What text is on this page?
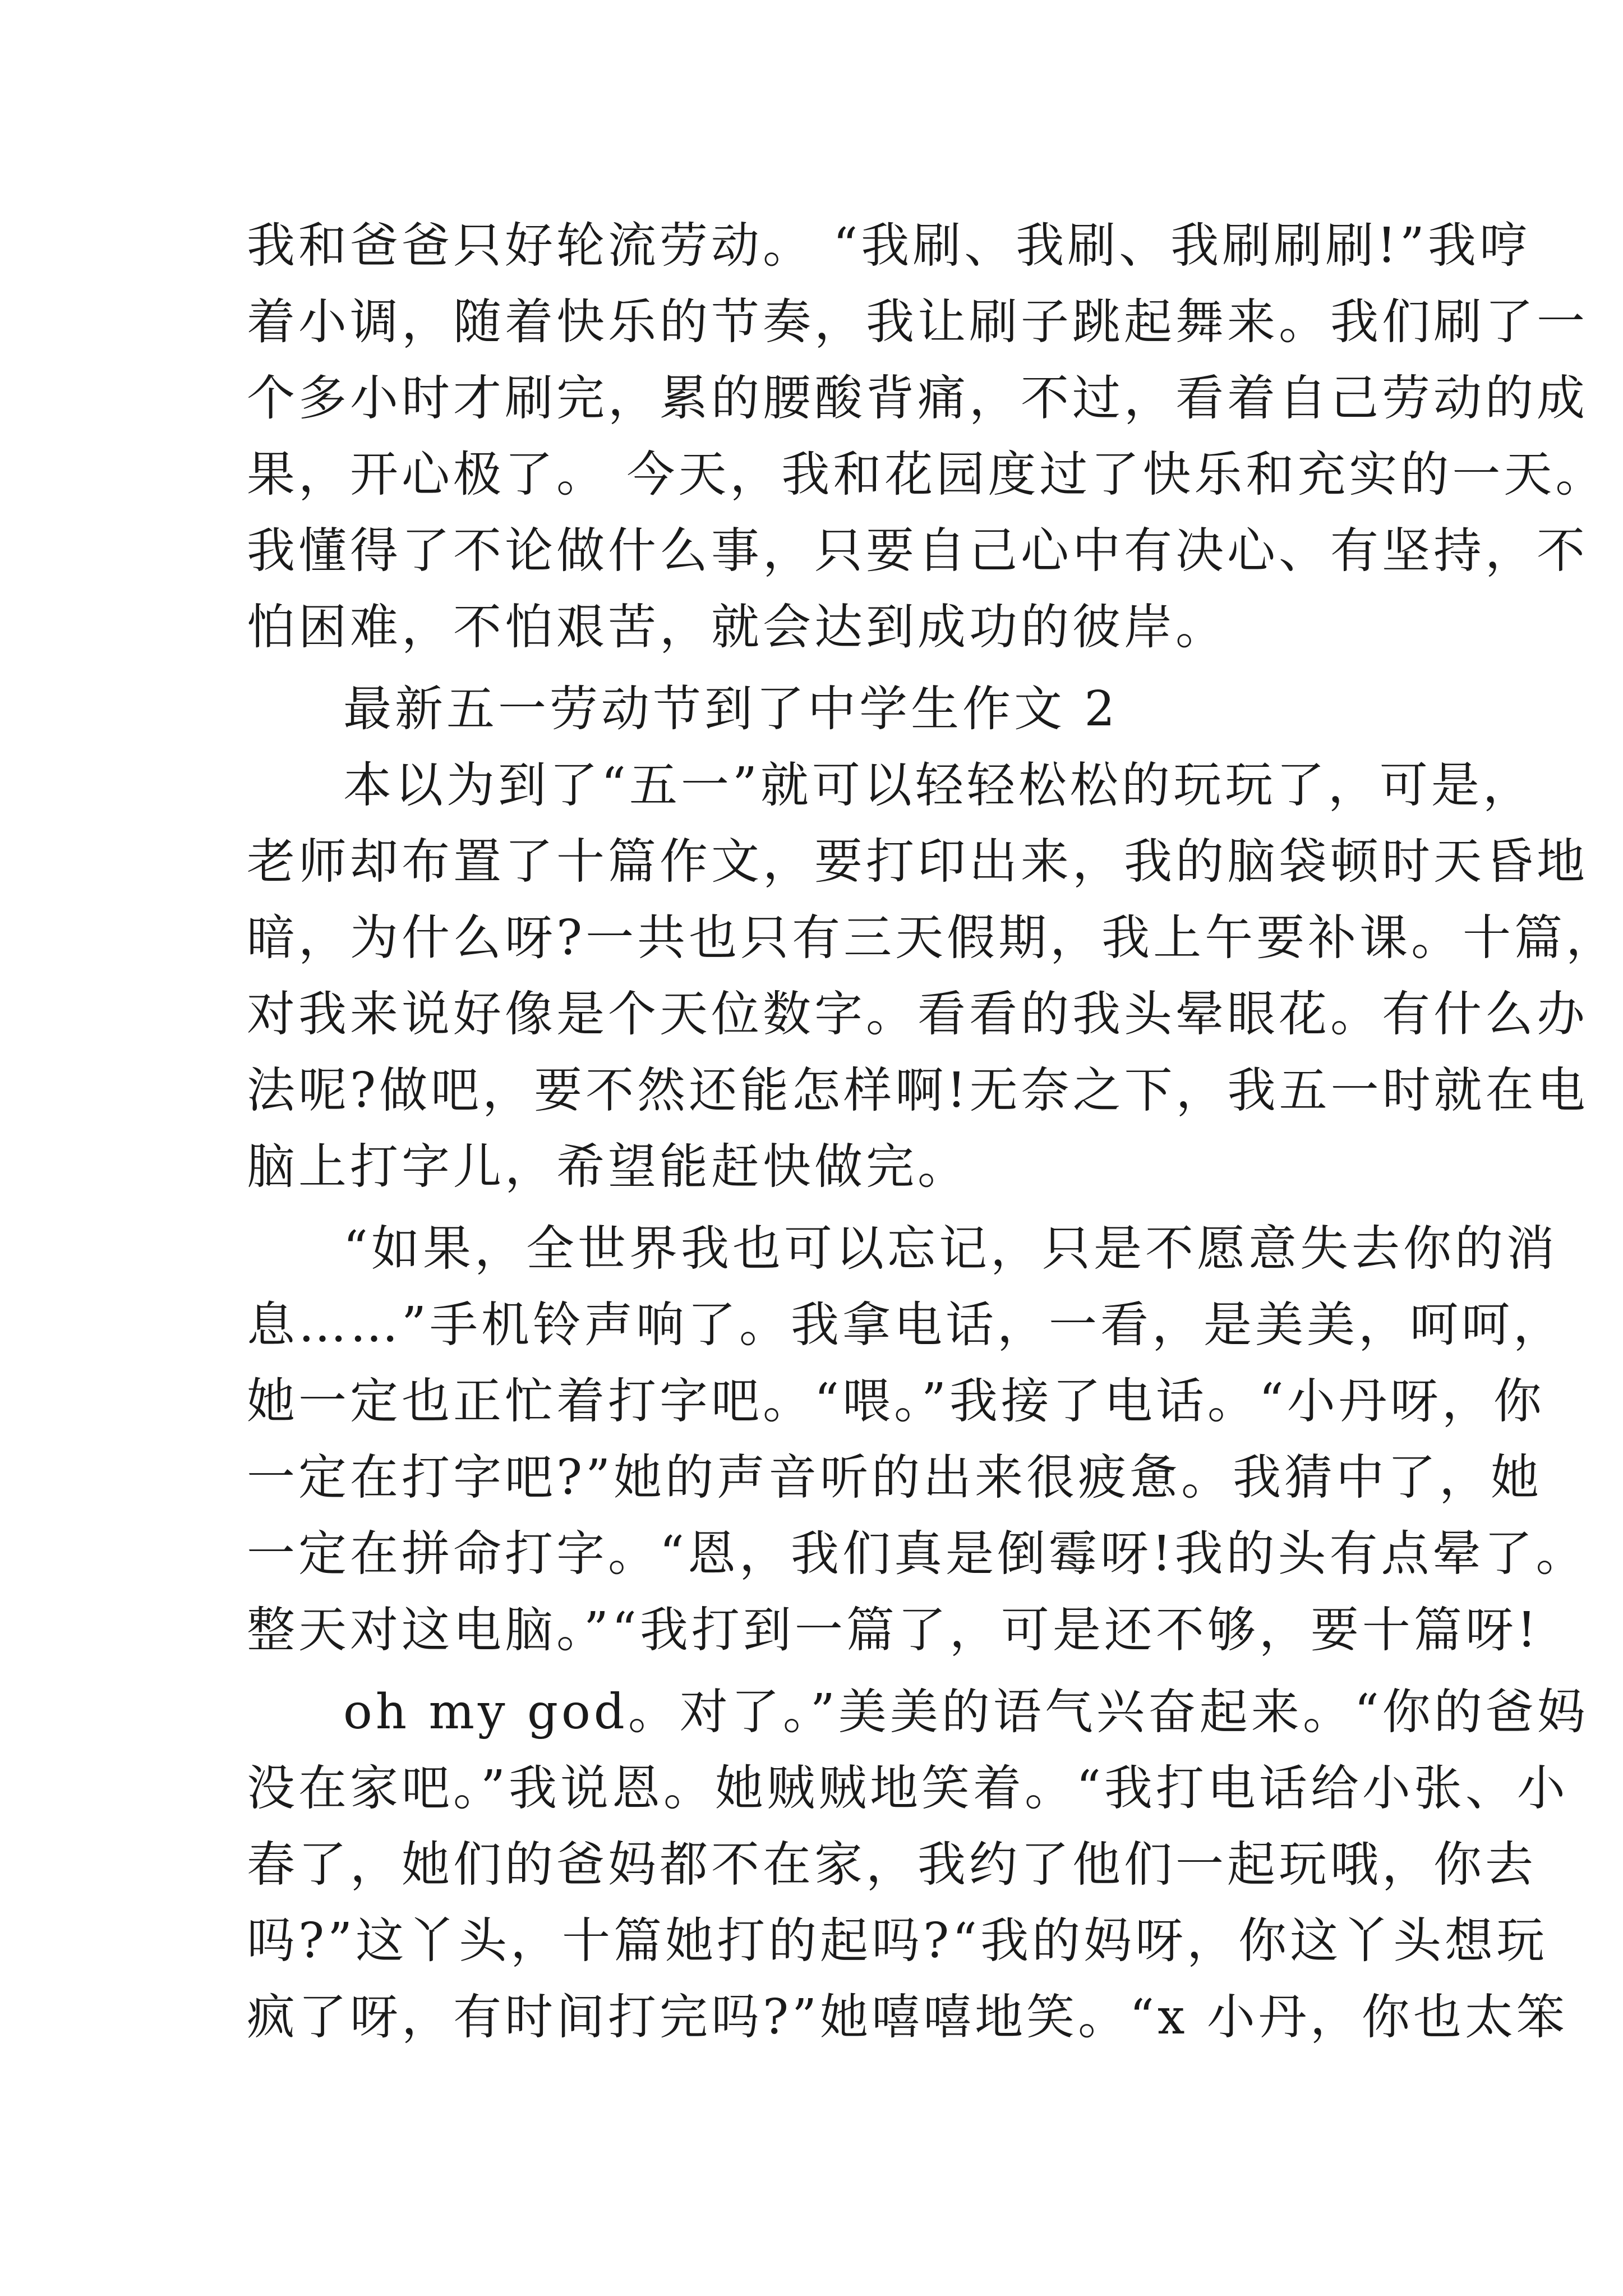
我和爸爸只好轮流劳动。 “我刷、我刷、我刷刷刷!”我哼
着小调，随着快乐的节奏，我让刷子跳起舞来。我们刷了一
个多小时才刷完，累的腰酸背痛，不过，看着自己劳动的成
果，开心极了。 今天，我和花园度过了快乐和充实的一天。
我懂得了不论做什么事，只要自己心中有决心、有坚持，不
怕困难，不怕艰苦，就会达到成功的彼岸。
最新五一劳动节到了中学生作文 2
本以为到了“五一”就可以轻轻松松的玩玩了，可是，
老师却布置了十篇作文，要打印出来，我的脑袋顿时天昏地
暗，为什么呀?一共也只有三天假期，我上午要补课。十篇，
对我来说好像是个天位数字。看看的我头晕眼花。有什么办
法呢?做吧，要不然还能怎样啊!无奈之下，我五一时就在电
脑上打字儿，希望能赶快做完。
“如果，全世界我也可以忘记，只是不愿意失去你的消
息……”手机铃声响了。我拿电话，一看，是美美，呵呵，
她一定也正忙着打字吧。“喂。”我接了电话。“小丹呀，你
一定在打字吧?”她的声音听的出来很疲惫。我猜中了，她
一定在拼命打字。“恩，我们真是倒霉呀!我的头有点晕了。
整天对这电脑。”“我打到一篇了，可是还不够，要十篇呀!
oh my god。对了。”美美的语气兴奋起来。“你的爸妈
没在家吧。”我说恩。她贼贼地笑着。“我打电话给小张、小
春了，她们的爸妈都不在家，我约了他们一起玩哦，你去
吗?”这丫头，十篇她打的起吗?“我的妈呀，你这丫头想玩
疯了呀，有时间打完吗?”她嘻嘻地笑。“x 小丹，你也太笨
